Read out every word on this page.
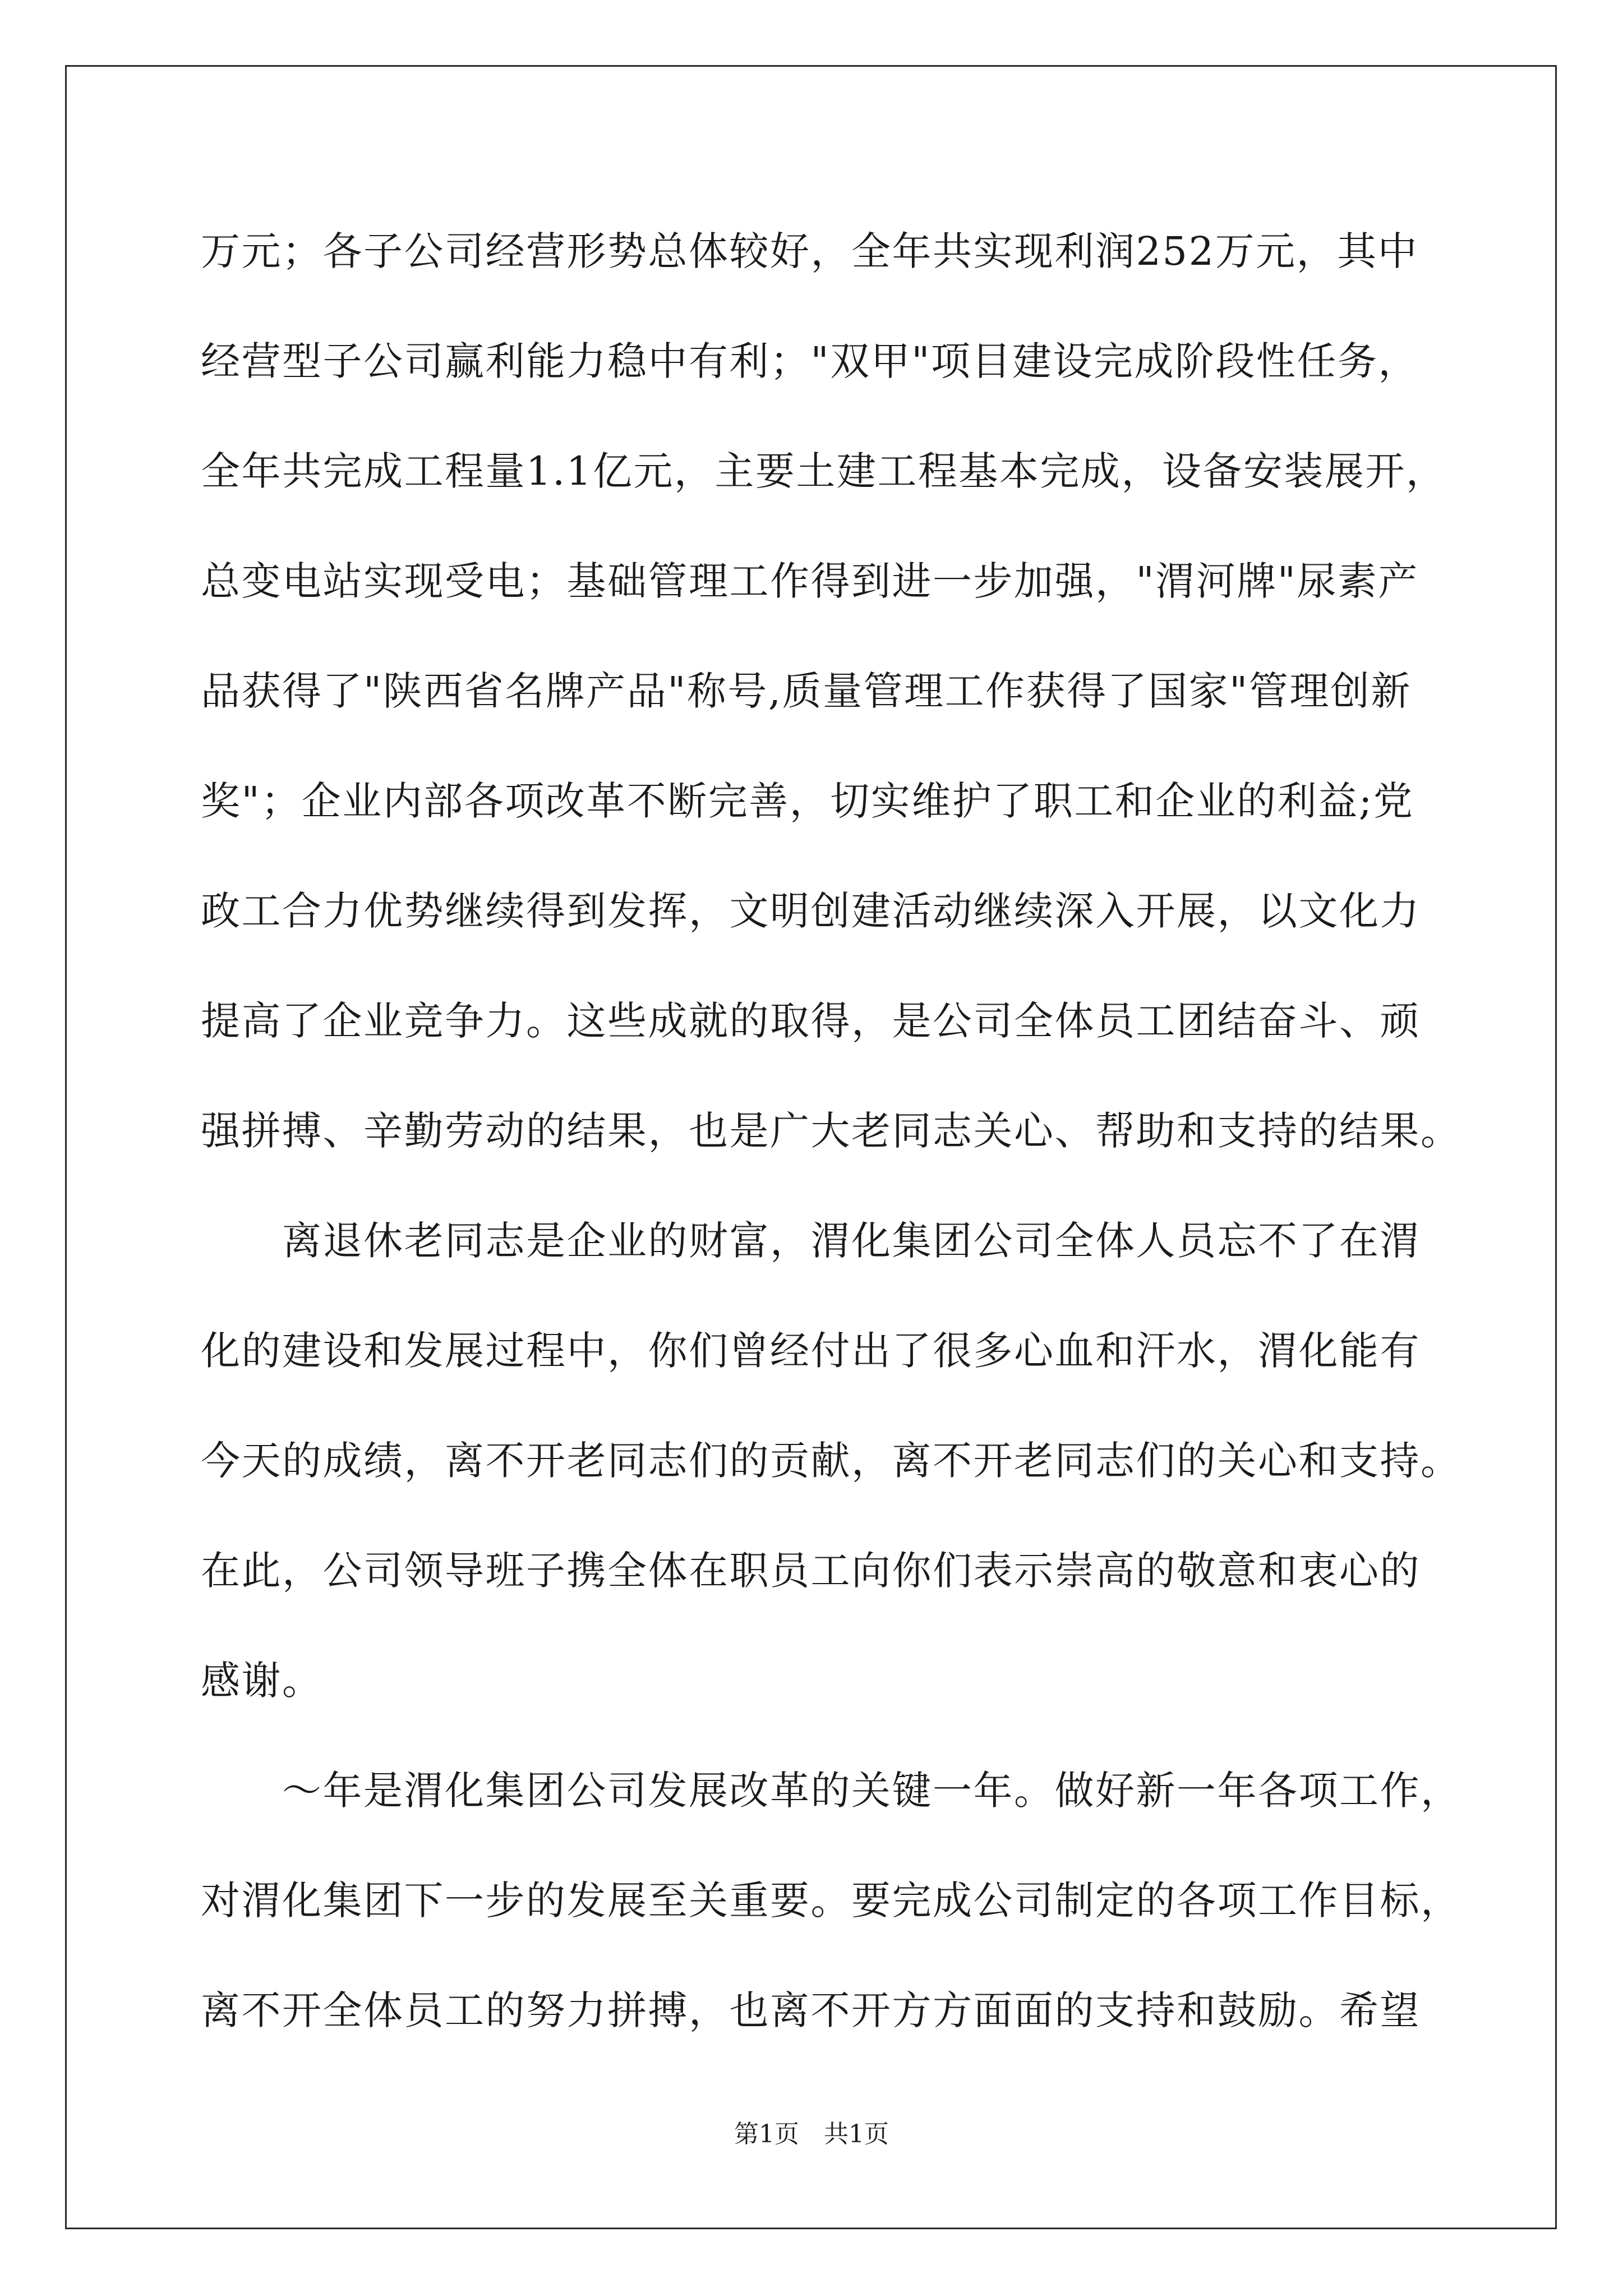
万元；各子公司经营形势总体较好，全年共实现利润252万元，其中
经营型子公司赢利能力稳中有利；"双甲"项目建设完成阶段性任务，
全年共完成工程量1.1亿元，主要土建工程基本完成，设备安装展开，
总变电站实现受电；基础管理工作得到进一步加强，"渭河牌"尿素产
品获得了"陕西省名牌产品"称号,质量管理工作获得了国家"管理创新
奖"；企业内部各项改革不断完善，切实维护了职工和企业的利益;党
政工合力优势继续得到发挥，文明创建活动继续深入开展，以文化力
提高了企业竞争力。这些成就的取得，是公司全体员工团结奋斗、顽
强拼搏、辛勤劳动的结果，也是广大老同志关心、帮助和支持的结果。
　　离退休老同志是企业的财富，渭化集团公司全体人员忘不了在渭
化的建设和发展过程中，你们曾经付出了很多心血和汗水，渭化能有
今天的成绩，离不开老同志们的贡献，离不开老同志们的关心和支持。
在此，公司领导班子携全体在职员工向你们表示崇高的敬意和衷心的
感谢。
　　～年是渭化集团公司发展改革的关键一年。做好新一年各项工作，
对渭化集团下一步的发展至关重要。要完成公司制定的各项工作目标，
离不开全体员工的努力拼搏，也离不开方方面面的支持和鼓励。希望
第1页　共1页
